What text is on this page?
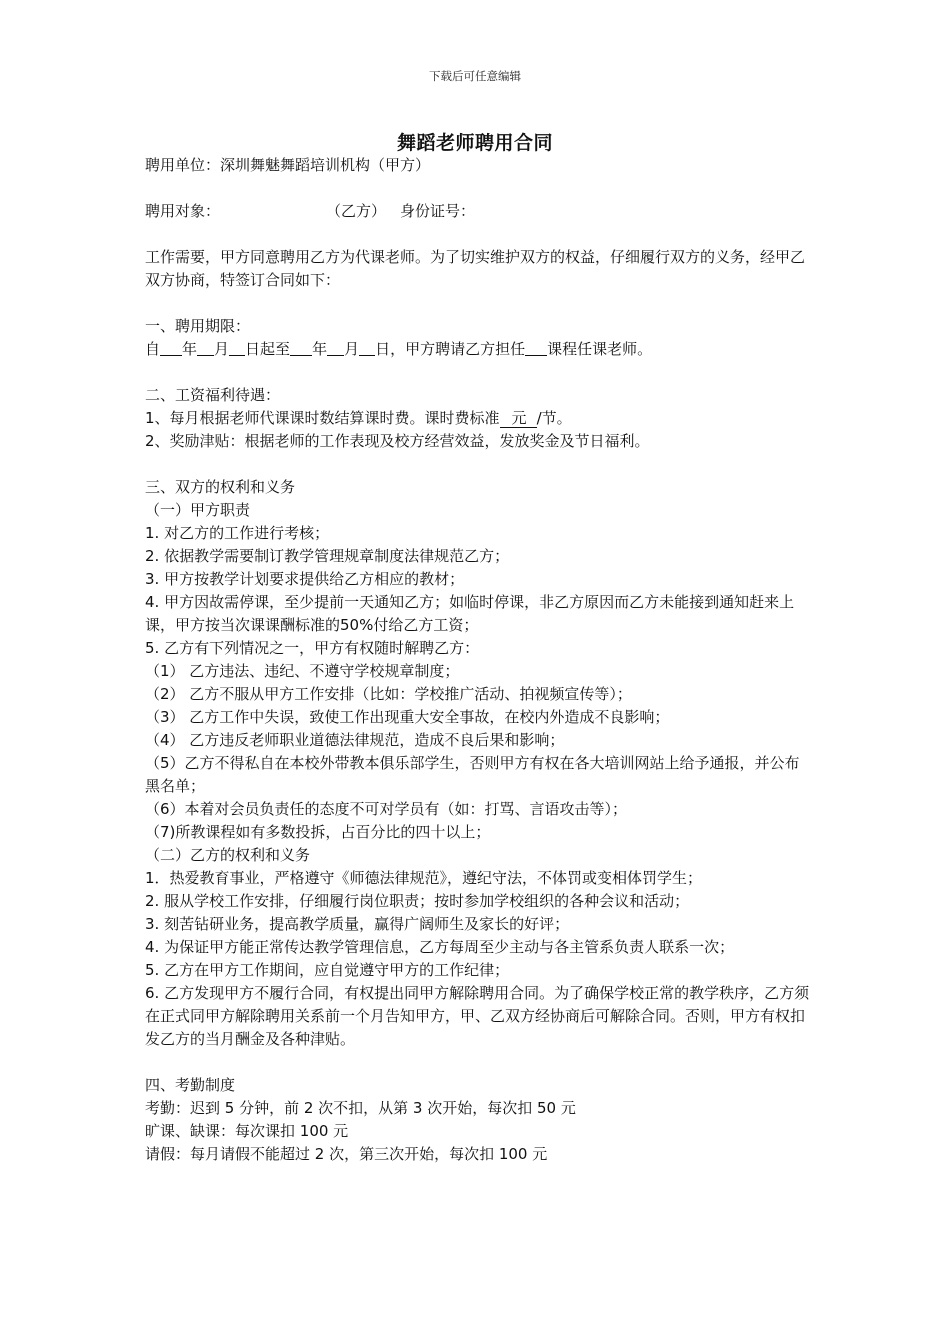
下载后可任意编辑
舞蹈老师聘用合同
聘用单位：深圳舞魅舞蹈培训机构（甲方）
聘用对象：	（乙方） 身份证号：
工作需要，甲方同意聘用乙方为代课老师。为了切实维护双方的权益，仔细履行双方的义务，经甲乙双方协商，特签订合同如下：
一、聘用期限：
自 年 月 日起至 年 月 日，甲方聘请乙方担任 课程任课老师。
二、工资福利待遇：
1、每月根据老师代课课时数结算课时费。课时费标准 元 /节。
2、奖励津贴：根据老师的工作表现及校方经营效益，发放奖金及节日福利。
三、双方的权利和义务
（一）甲方职责
1. 对乙方的工作进行考核；
2. 依据教学需要制订教学管理规章制度法律规范乙方；
3. 甲方按教学计划要求提供给乙方相应的教材；
4. 甲方因故需停课，至少提前一天通知乙方；如临时停课，非乙方原因而乙方未能接到通知赶来上课，甲方按当次课课酬标准的50%付给乙方工资；
5. 乙方有下列情况之一，甲方有权随时解聘乙方：
（1） 乙方违法、违纪、不遵守学校规章制度；
（2） 乙方不服从甲方工作安排（比如：学校推广活动、拍视频宣传等）；
（3） 乙方工作中失误，致使工作出现重大安全事故，在校内外造成不良影响；
（4） 乙方违反老师职业道德法律规范，造成不良后果和影响；
（5）乙方不得私自在本校外带教本俱乐部学生，否则甲方有权在各大培训网站上给予通报，并公布黑名单；
（6）本着对会员负责任的态度不可对学员有（如：打骂、言语攻击等）；
（7)所教课程如有多数投拆，占百分比的四十以上；
（二）乙方的权利和义务
1．热爱教育事业，严格遵守《师德法律规范》，遵纪守法，不体罚或变相体罚学生；
2. 服从学校工作安排，仔细履行岗位职责；按时参加学校组织的各种会议和活动；
3. 刻苦钻研业务，提高教学质量，赢得广阔师生及家长的好评；
4. 为保证甲方能正常传达教学管理信息，乙方每周至少主动与各主管系负责人联系一次；
5. 乙方在甲方工作期间，应自觉遵守甲方的工作纪律；
6. 乙方发现甲方不履行合同，有权提出同甲方解除聘用合同。为了确保学校正常的教学秩序，乙方须在正式同甲方解除聘用关系前一个月告知甲方，甲、乙双方经协商后可解除合同。否则，甲方有权扣发乙方的当月酬金及各种津贴。
四、考勤制度
考勤：迟到 5 分钟，前 2 次不扣，从第 3 次开始，每次扣 50 元
旷课、缺课：每次课扣 100 元
请假：每月请假不能超过 2 次，第三次开始，每次扣 100 元
